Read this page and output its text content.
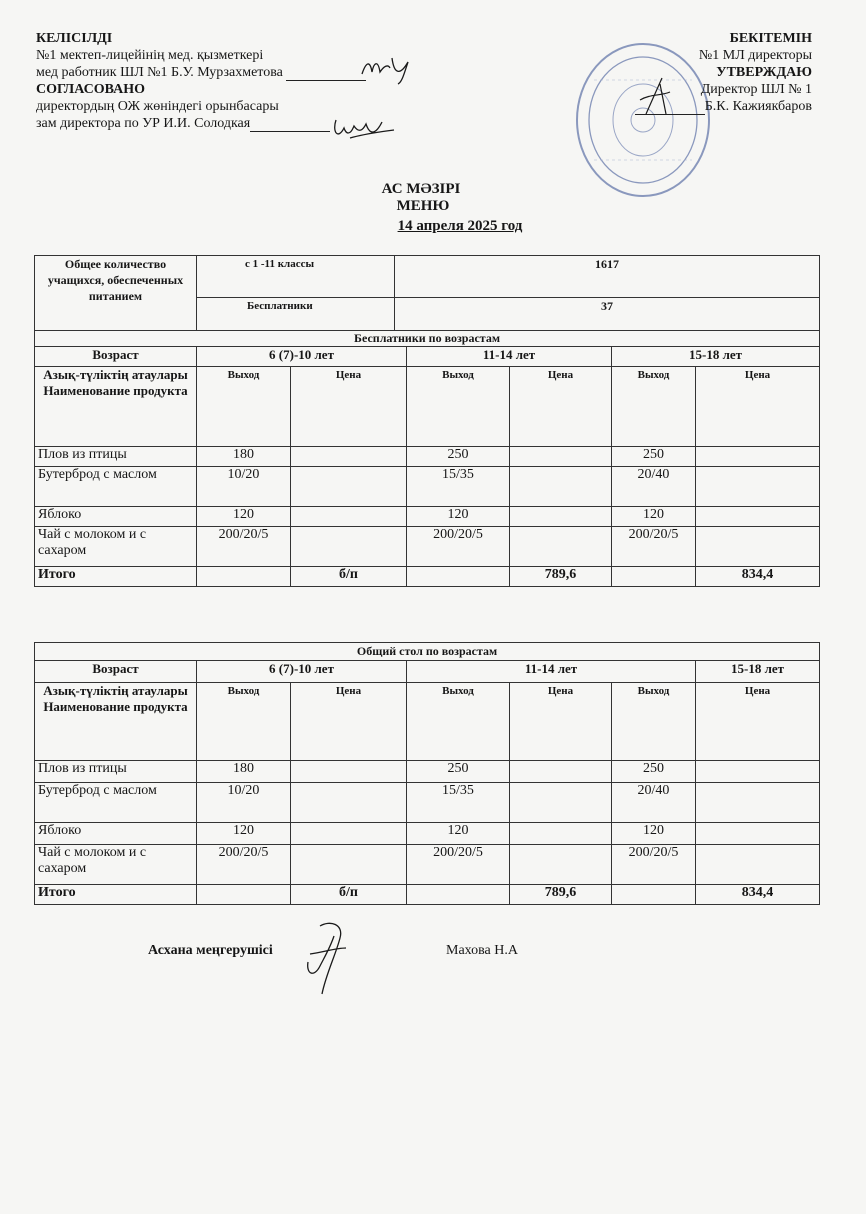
КЕЛІСІЛДІ
№1 мектеп-лицейінің мед. қызметкері
мед работник ШЛ №1 Б.У. Мурзахметова
СОГЛАСОВАНО
директордың ОЖ жөніндегі орынбасары
зам директора по УР И.И. Солодкая
БЕКІТЕМІН
№1 МЛ директоры
УТВЕРЖДАЮ
Директор ШЛ № 1
Б.К. Кажиякбаров
АС МӘЗІРІ
МЕНЮ
14 апреля 2025 год
Общее количество учащихся, обеспеченных питанием	с 1 -11 классы	1617
	Бесплатники	37
Бесплатники по возрастам						
Возраст	6 (7)-10 лет		11-14 лет		15-18 лет	
Азық-түліктің атаулары Наименование продукта	Выход	Цена	Выход	Цена	Выход	Цена
Плов из птицы	180		250		250	
Бутерброд с маслом	10/20		15/35		20/40	
Яблоко	120		120		120	
Чай с молоком и с сахаром	200/20/5		200/20/5		200/20/5	
Итого		б/п		789,6		834,4
Общий стол по возрастам						
Возраст	6 (7)-10 лет		11-14 лет			15-18 лет
Азық-түліктің атаулары Наименование продукта	Выход	Цена	Выход	Цена	Выход	Цена
Плов из птицы	180		250		250	
Бутерброд с маслом	10/20		15/35		20/40	
Яблоко	120		120		120	
Чай с молоком и с сахаром	200/20/5		200/20/5		200/20/5	
Итого		б/п		789,6		834,4
Асхана меңгерушісі	Махова Н.А
